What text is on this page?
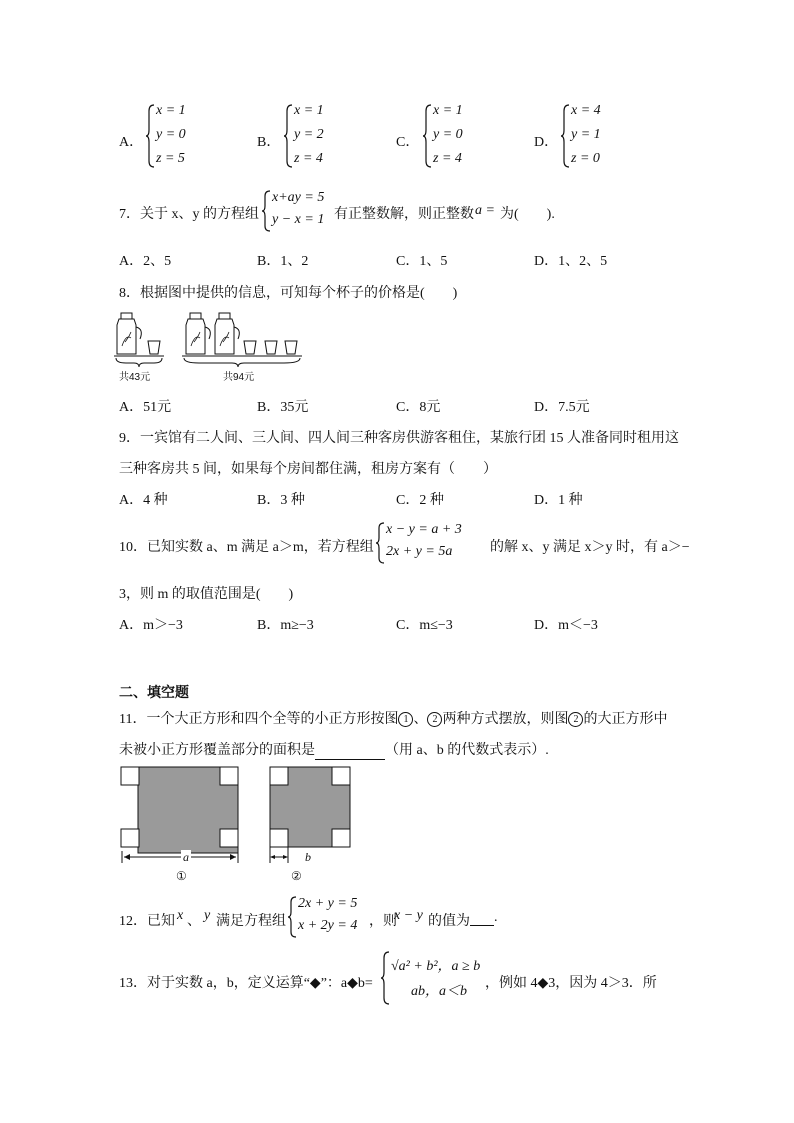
A．
x = 1
y = 0
z = 5
B．
x = 1
y = 2
z = 4
C．
x = 1
y = 0
z = 4
D．
x = 4
y = 1
z = 0
7．关于 x、y 的方程组
x+ay = 5
y − x = 1 有正整数解，则正整数 a = 为(　　).
A．2、5	B．1、2	C．1、5	D．1、2、5
8．根据图中提供的信息，可知每个杯子的价格是(　　)
共43元	共94元
A．51元	B．35元	C．8元	D．7.5元
9．一宾馆有二人间、三人间、四人间三种客房供游客租住，某旅行团 15 人准备同时租用这
三种客房共 5 间，如果每个房间都住满，租房方案有（　　）
A．4 种	B．3 种	C．2 种	D．1 种
10．已知实数 a、m 满足 a＞m，若方程组
x − y = a + 3
2x + y = 5a	的解 x、y 满足 x＞y 时，有 a＞−
3，则 m 的取值范围是(　　)
A．m＞−3	B．m≥−3	C．m≤−3	D．m＜−3
二、填空题
11．一个大正方形和四个全等的小正方形按图 1 、 2 两种方式摆放，则图 2 的大正方形中
未被小正方形覆盖部分的面积是	（用 a、b 的代数式表示）.
a	b
①	②
12．已知 x 、 y 满足方程组
2x + y = 5
x + 2y = 4 ，则
x − y 的值为
.
13．对于实数 a，b，定义运算“◆”：a◆b=
√a² + b²，a ≥ b
ab，a＜b
，例如 4◆3，因为 4＞3．所
